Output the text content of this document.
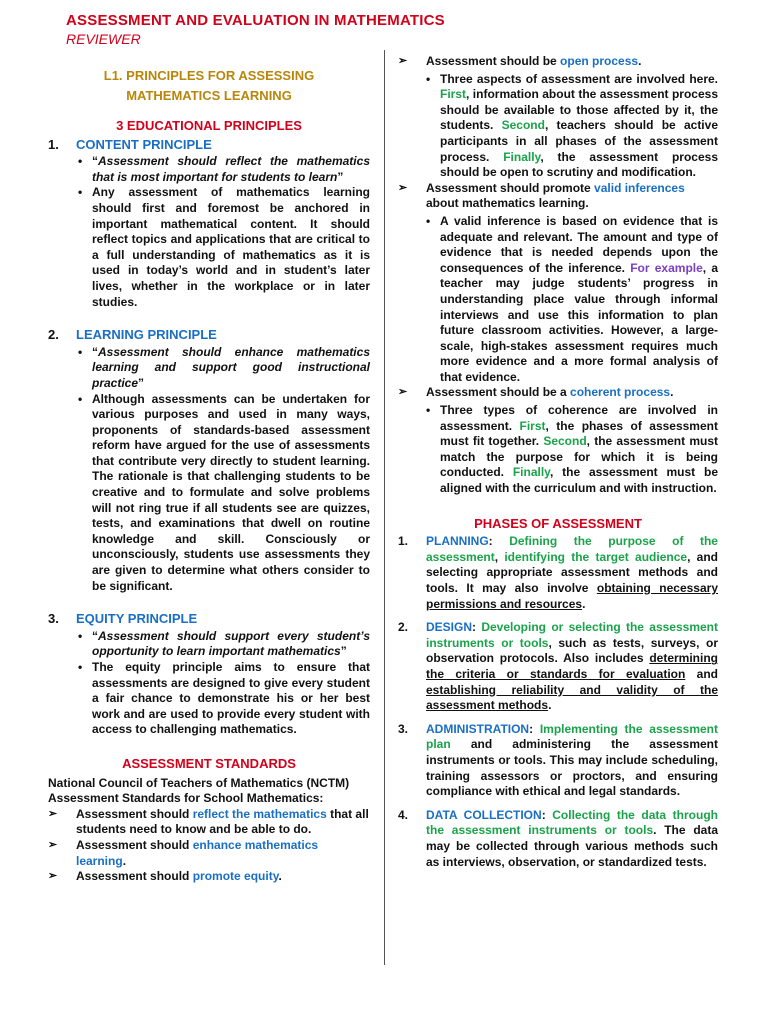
ASSESSMENT AND EVALUATION IN MATHEMATICS
REVIEWER
L1. PRINCIPLES FOR ASSESSING
MATHEMATICS LEARNING
3 EDUCATIONAL PRINCIPLES
1.	CONTENT PRINCIPLE
• “Assessment should reflect the mathematics that is most important for students to learn”
• Any assessment of mathematics learning should first and foremost be anchored in important mathematical content. It should reflect topics and applications that are critical to a full understanding of mathematics as it is used in today’s world and in student’s later lives, whether in the workplace or in later studies.
2.	LEARNING PRINCIPLE
• “Assessment should enhance mathematics learning and support good instructional practice”
• Although assessments can be undertaken for various purposes and used in many ways, proponents of standards-based assessment reform have argued for the use of assessments that contribute very directly to student learning. The rationale is that challenging students to be creative and to formulate and solve problems will not ring true if all students see are quizzes, tests, and examinations that dwell on routine knowledge and skill. Consciously or unconsciously, students use assessments they are given to determine what others consider to be significant.
3.	EQUITY PRINCIPLE
• “Assessment should support every student’s opportunity to learn important mathematics”
• The equity principle aims to ensure that assessments are designed to give every student a fair chance to demonstrate his or her best work and are used to provide every student with access to challenging mathematics.
ASSESSMENT STANDARDS
National Council of Teachers of Mathematics (NCTM) Assessment Standards for School Mathematics:
➢	Assessment should reflect the mathematics that all students need to know and be able to do.
➢	Assessment should enhance mathematics learning.
➢	Assessment should promote equity.
➢	Assessment should be open process.
• Three aspects of assessment are involved here. First, information about the assessment process should be available to those affected by it, the students. Second, teachers should be active participants in all phases of the assessment process. Finally, the assessment process should be open to scrutiny and modification.
➢	Assessment should promote valid inferences about mathematics learning.
• A valid inference is based on evidence that is adequate and relevant. The amount and type of evidence that is needed depends upon the consequences of the inference. For example, a teacher may judge students’ progress in understanding place value through informal interviews and use this information to plan future classroom activities. However, a large-scale, high-stakes assessment requires much more evidence and a more formal analysis of that evidence.
➢	Assessment should be a coherent process.
• Three types of coherence are involved in assessment. First, the phases of assessment must fit together. Second, the assessment must match the purpose for which it is being conducted. Finally, the assessment must be aligned with the curriculum and with instruction.
PHASES OF ASSESSMENT
1.	PLANNING: Defining the purpose of the assessment, identifying the target audience, and selecting appropriate assessment methods and tools. It may also involve obtaining necessary permissions and resources.
2.	DESIGN: Developing or selecting the assessment instruments or tools, such as tests, surveys, or observation protocols. Also includes determining the criteria or standards for evaluation and establishing reliability and validity of the assessment methods.
3.	ADMINISTRATION: Implementing the assessment plan and administering the assessment instruments or tools. This may include scheduling, training assessors or proctors, and ensuring compliance with ethical and legal standards.
4.	DATA COLLECTION: Collecting the data through the assessment instruments or tools. The data may be collected through various methods such as interviews, observation, or standardized tests.
